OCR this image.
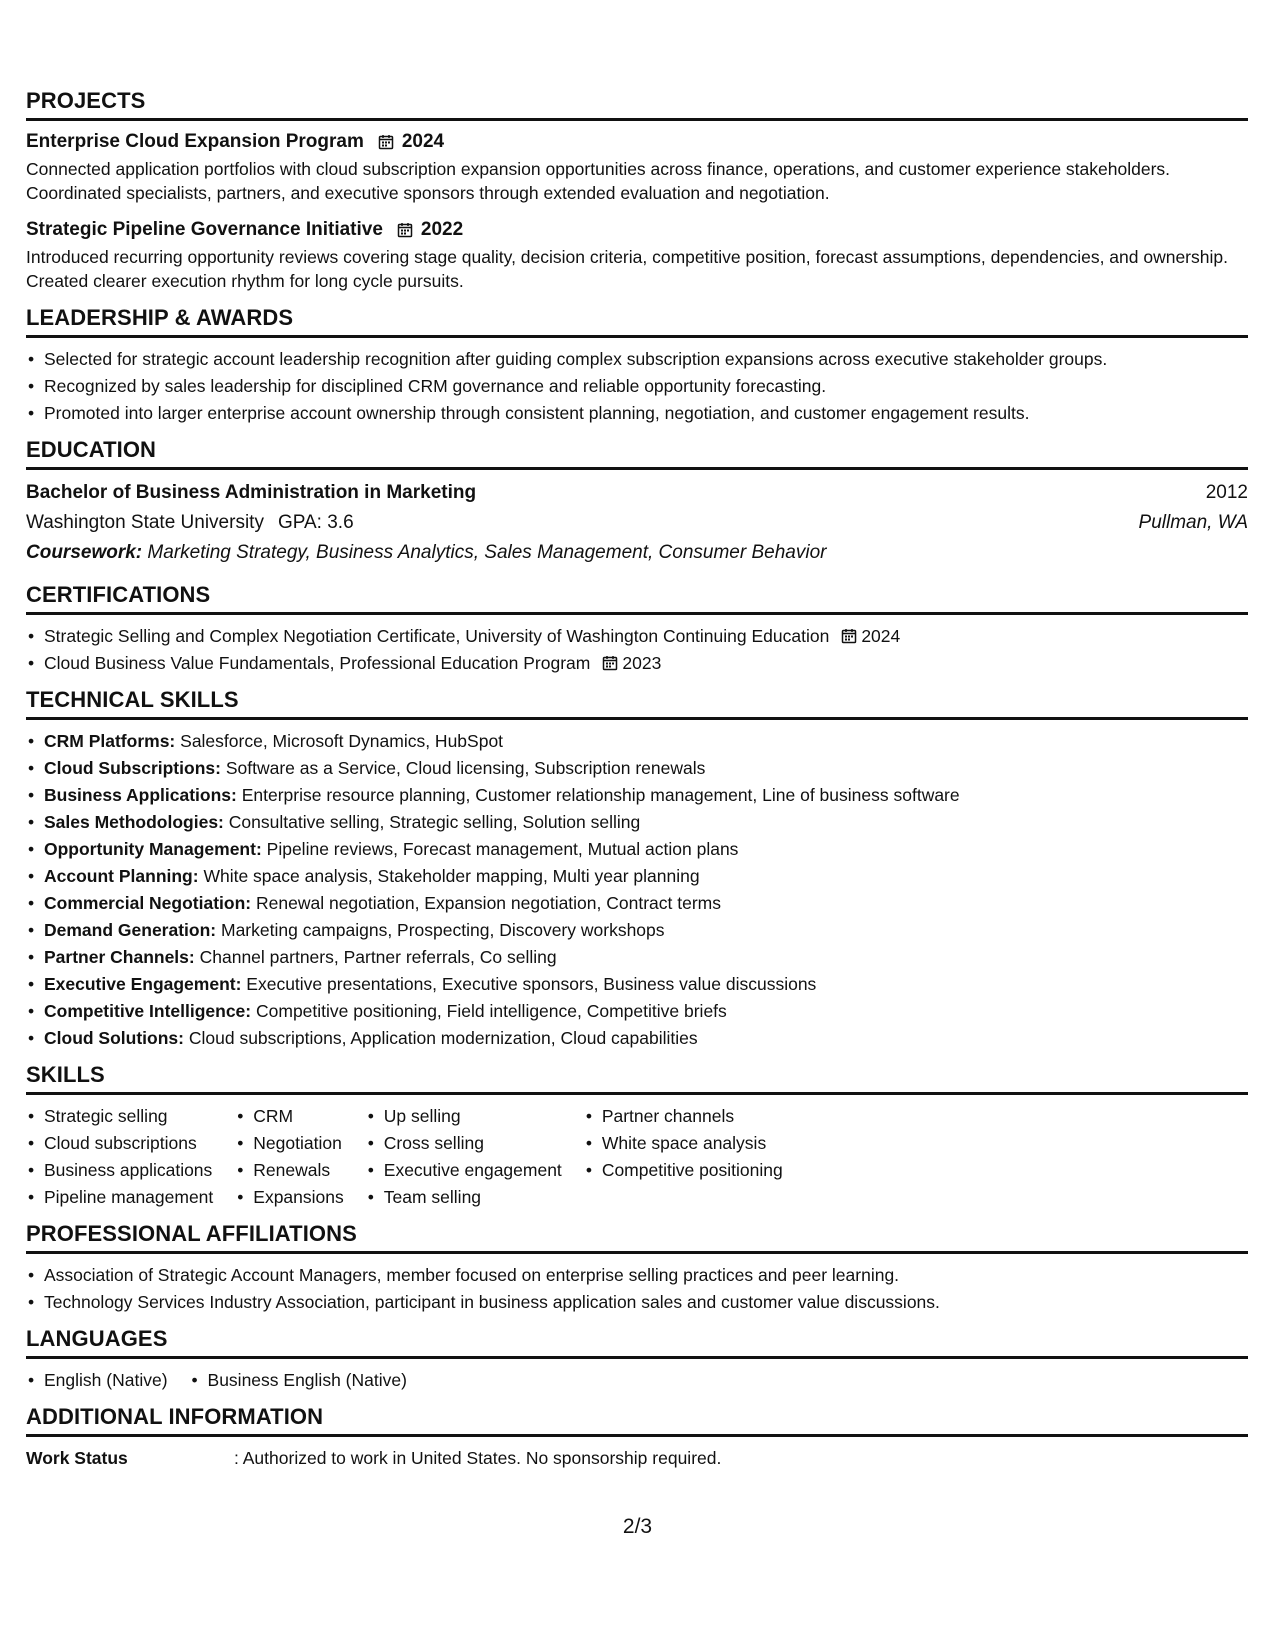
PROJECTS
Enterprise Cloud Expansion Program 2024
Connected application portfolios with cloud subscription expansion opportunities across finance, operations, and customer experience stakeholders. Coordinated specialists, partners, and executive sponsors through extended evaluation and negotiation.
Strategic Pipeline Governance Initiative 2022
Introduced recurring opportunity reviews covering stage quality, decision criteria, competitive position, forecast assumptions, dependencies, and ownership. Created clearer execution rhythm for long cycle pursuits.
LEADERSHIP & AWARDS
• Selected for strategic account leadership recognition after guiding complex subscription expansions across executive stakeholder groups.
• Recognized by sales leadership for disciplined CRM governance and reliable opportunity forecasting.
• Promoted into larger enterprise account ownership through consistent planning, negotiation, and customer engagement results.
EDUCATION
Bachelor of Business Administration in Marketing	2012
Washington State University GPA: 3.6	Pullman, WA
Coursework: Marketing Strategy, Business Analytics, Sales Management, Consumer Behavior
CERTIFICATIONS
• Strategic Selling and Complex Negotiation Certificate, University of Washington Continuing Education 2024
• Cloud Business Value Fundamentals, Professional Education Program 2023
TECHNICAL SKILLS
• CRM Platforms: Salesforce, Microsoft Dynamics, HubSpot
• Cloud Subscriptions: Software as a Service, Cloud licensing, Subscription renewals
• Business Applications: Enterprise resource planning, Customer relationship management, Line of business software
• Sales Methodologies: Consultative selling, Strategic selling, Solution selling
• Opportunity Management: Pipeline reviews, Forecast management, Mutual action plans
• Account Planning: White space analysis, Stakeholder mapping, Multi year planning
• Commercial Negotiation: Renewal negotiation, Expansion negotiation, Contract terms
• Demand Generation: Marketing campaigns, Prospecting, Discovery workshops
• Partner Channels: Channel partners, Partner referrals, Co selling
• Executive Engagement: Executive presentations, Executive sponsors, Business value discussions
• Competitive Intelligence: Competitive positioning, Field intelligence, Competitive briefs
• Cloud Solutions: Cloud subscriptions, Application modernization, Cloud capabilities
SKILLS
• Strategic selling
• Cloud subscriptions
• Business applications
• Pipeline management
• CRM
• Negotiation
• Renewals
• Expansions
• Up selling
• Cross selling
• Executive engagement
• Team selling
• Partner channels
• White space analysis
• Competitive positioning
PROFESSIONAL AFFILIATIONS
• Association of Strategic Account Managers, member focused on enterprise selling practices and peer learning.
• Technology Services Industry Association, participant in business application sales and customer value discussions.
LANGUAGES
• English (Native)
•	Business English (Native)
ADDITIONAL INFORMATION
Work Status	: Authorized to work in United States. No sponsorship required.
2/3
